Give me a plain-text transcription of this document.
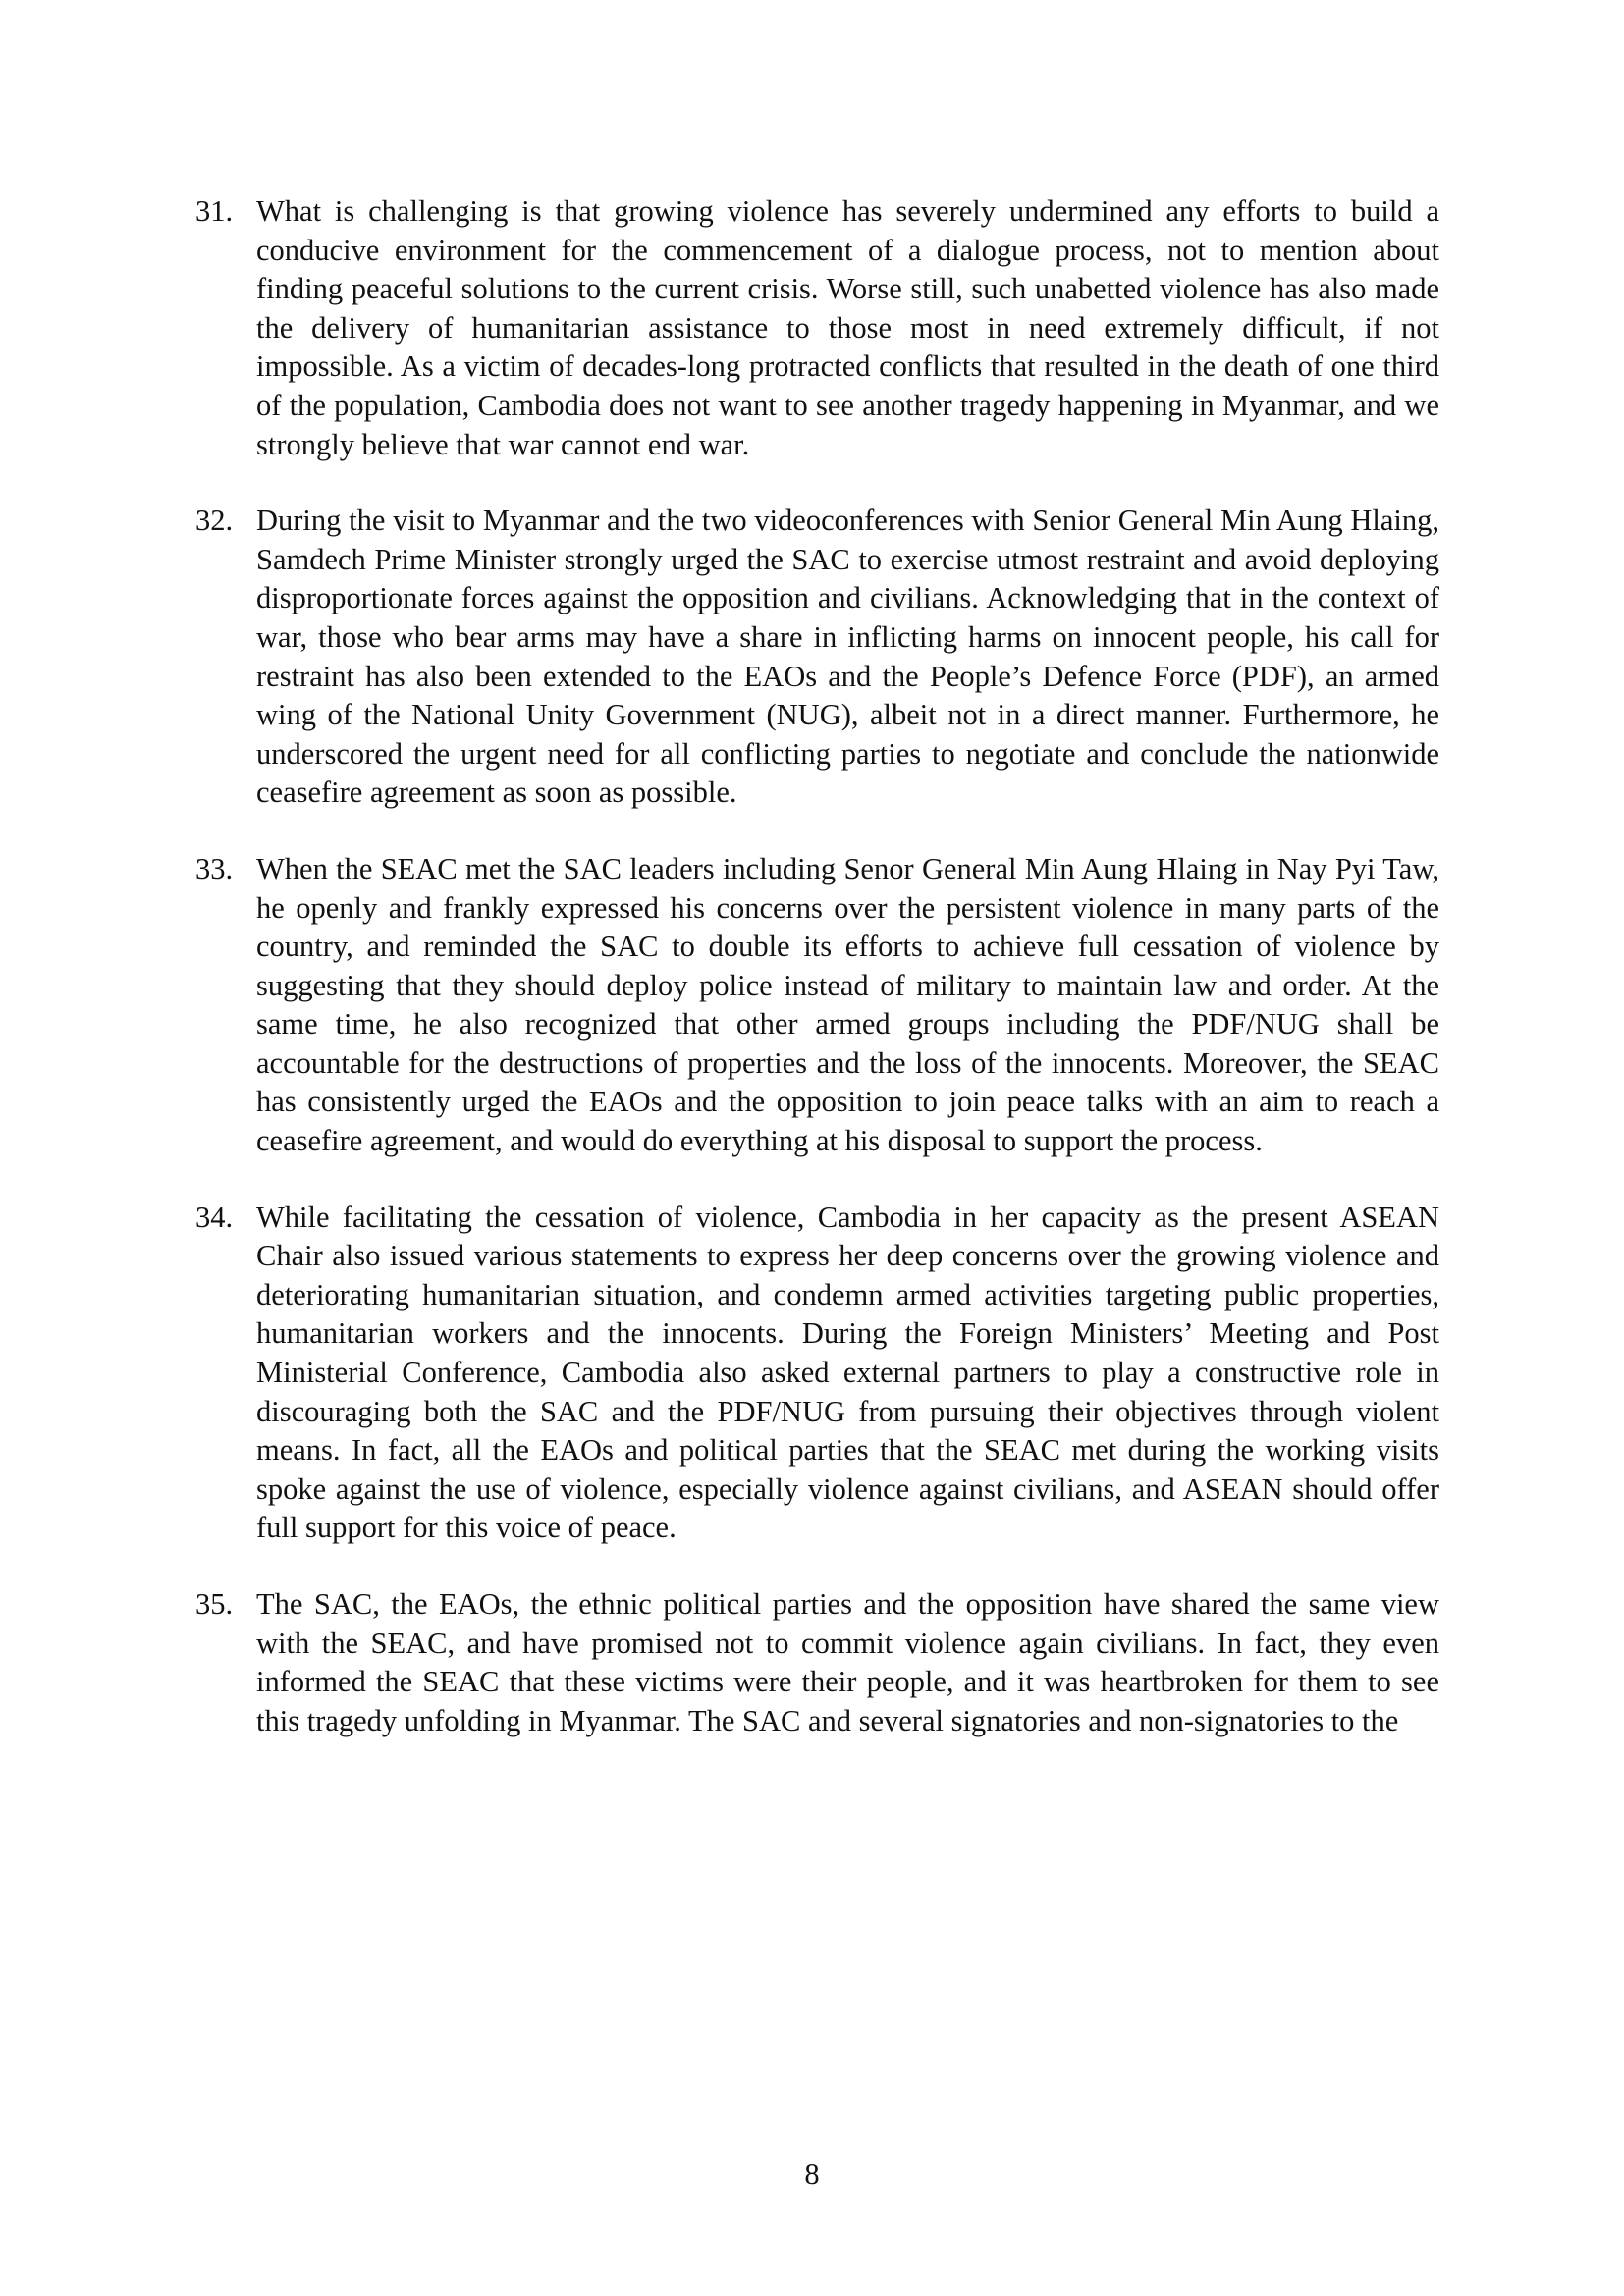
31. What is challenging is that growing violence has severely undermined any efforts to build a conducive environment for the commencement of a dialogue process, not to mention about finding peaceful solutions to the current crisis. Worse still, such unabetted violence has also made the delivery of humanitarian assistance to those most in need extremely difficult, if not impossible. As a victim of decades-long protracted conflicts that resulted in the death of one third of the population, Cambodia does not want to see another tragedy happening in Myanmar, and we strongly believe that war cannot end war.
32. During the visit to Myanmar and the two videoconferences with Senior General Min Aung Hlaing, Samdech Prime Minister strongly urged the SAC to exercise utmost restraint and avoid deploying disproportionate forces against the opposition and civilians. Acknowledging that in the context of war, those who bear arms may have a share in inflicting harms on innocent people, his call for restraint has also been extended to the EAOs and the People’s Defence Force (PDF), an armed wing of the National Unity Government (NUG), albeit not in a direct manner. Furthermore, he underscored the urgent need for all conflicting parties to negotiate and conclude the nationwide ceasefire agreement as soon as possible.
33. When the SEAC met the SAC leaders including Senor General Min Aung Hlaing in Nay Pyi Taw, he openly and frankly expressed his concerns over the persistent violence in many parts of the country, and reminded the SAC to double its efforts to achieve full cessation of violence by suggesting that they should deploy police instead of military to maintain law and order. At the same time, he also recognized that other armed groups including the PDF/NUG shall be accountable for the destructions of properties and the loss of the innocents. Moreover, the SEAC has consistently urged the EAOs and the opposition to join peace talks with an aim to reach a ceasefire agreement, and would do everything at his disposal to support the process.
34. While facilitating the cessation of violence, Cambodia in her capacity as the present ASEAN Chair also issued various statements to express her deep concerns over the growing violence and deteriorating humanitarian situation, and condemn armed activities targeting public properties, humanitarian workers and the innocents. During the Foreign Ministers’ Meeting and Post Ministerial Conference, Cambodia also asked external partners to play a constructive role in discouraging both the SAC and the PDF/NUG from pursuing their objectives through violent means. In fact, all the EAOs and political parties that the SEAC met during the working visits spoke against the use of violence, especially violence against civilians, and ASEAN should offer full support for this voice of peace.
35. The SAC, the EAOs, the ethnic political parties and the opposition have shared the same view with the SEAC, and have promised not to commit violence again civilians. In fact, they even informed the SEAC that these victims were their people, and it was heartbroken for them to see this tragedy unfolding in Myanmar. The SAC and several signatories and non-signatories to the
8
